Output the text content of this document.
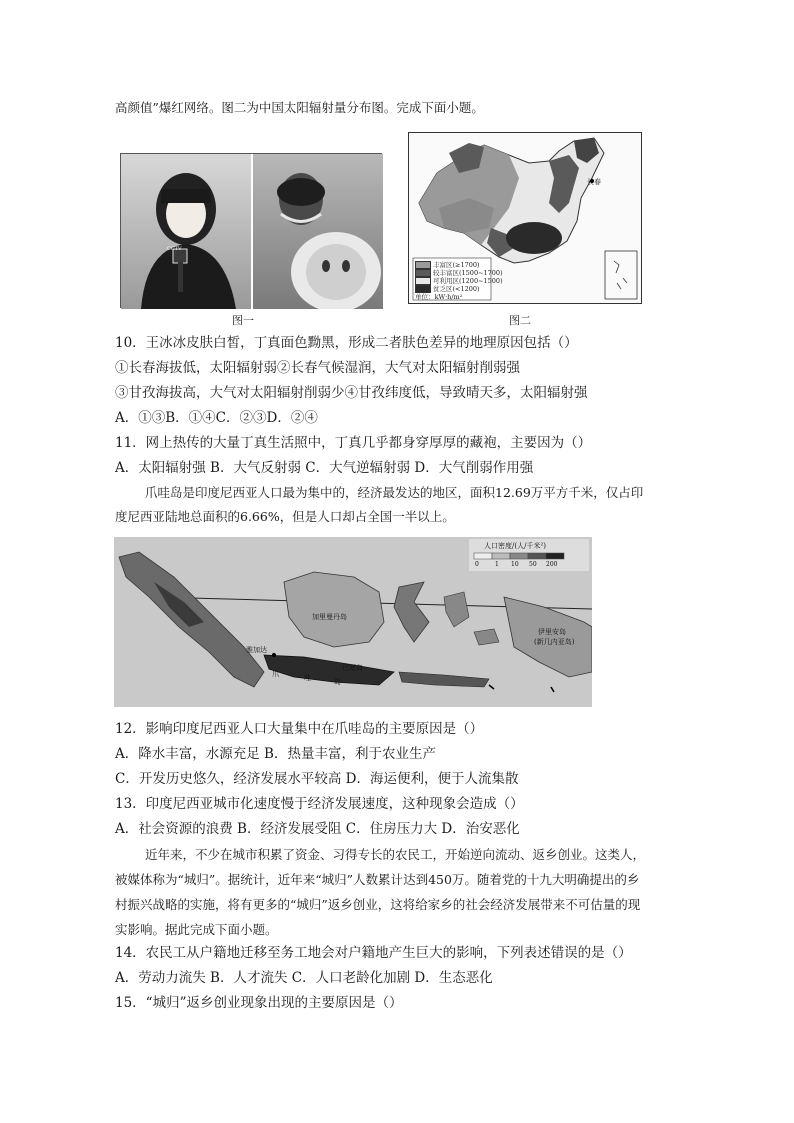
高颜值”爆红网络。图二为中国太阳辐射量分布图。完成下面小题。
CCTV
图一
长春
丰富区(≥1700)
较丰富区(1500~1700)
可利用区(1200~1500)
贫乏区(<1200)
单位：kW·h/m²
图二
10．王冰冰皮肤白皙，丁真面色黝黑，形成二者肤色差异的地理原因包括（）
①长春海拔低，太阳辐射弱②长春气候湿润，大气对太阳辐射削弱强
③甘孜海拔高，大气对太阳辐射削弱少④甘孜纬度低，导致晴天多，太阳辐射强
A．①③B．①④C．②③D．②④
11．网上热传的大量丁真生活照中，丁真几乎都身穿厚厚的藏袍，主要因为（）
A．太阳辐射强 B．大气反射弱 C．大气逆辐射弱 D．大气削弱作用强
爪哇岛是印度尼西亚人口最为集中的，经济最发达的地区，面积12.69万平方千米，仅占印
度尼西亚陆地总面积的6.66%，但是人口却占全国一半以上。
人口密度/(人/千米²)
0	1 10 50 200
加里曼丹岛
雅加达
爪	哇	岛
巴厘岛
伊里安岛
(新几内亚岛)
12．影响印度尼西亚人口大量集中在爪哇岛的主要原因是（）
A．降水丰富，水源充足 B．热量丰富，利于农业生产
C．开发历史悠久，经济发展水平较高 D．海运便利，便于人流集散
13．印度尼西亚城市化速度慢于经济发展速度，这种现象会造成（）
A．社会资源的浪费 B．经济发展受阻 C．住房压力大 D．治安恶化
近年来，不少在城市积累了资金、习得专长的农民工，开始逆向流动、返乡创业。这类人，
被媒体称为“城归”。据统计，近年来“城归”人数累计达到450万。随着党的十九大明确提出的乡
村振兴战略的实施，将有更多的“城归”返乡创业，这将给家乡的社会经济发展带来不可估量的现
实影响。据此完成下面小题。
14．农民工从户籍地迁移至务工地会对户籍地产生巨大的影响，下列表述错误的是（）
A．劳动力流失 B．人才流失 C．人口老龄化加剧 D．生态恶化
15．“城归”返乡创业现象出现的主要原因是（）
